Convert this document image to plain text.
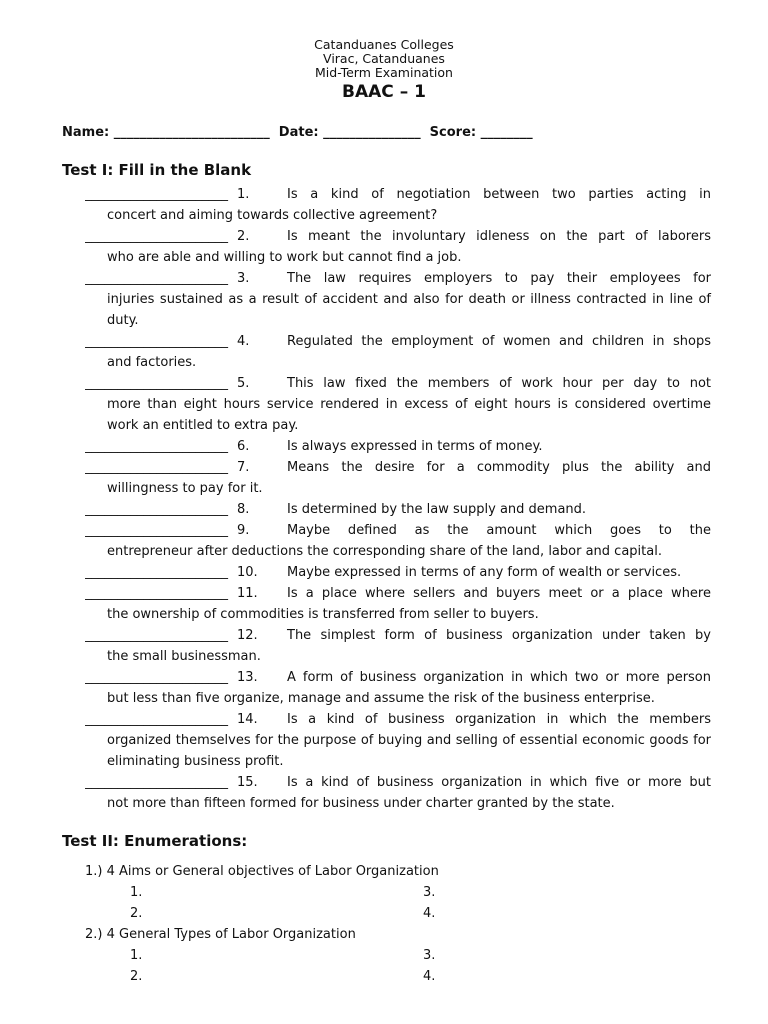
Catanduanes Colleges
Virac, Catanduanes
Mid-Term Examination
BAAC – 1
Name: ________________________  Date: _______________  Score: ________
Test I: Fill in the Blank
______________________ 1.	Is a kind of negotiation between two parties acting in
concert and aiming towards collective agreement?
______________________ 2.	Is meant the involuntary idleness on the part of laborers
who are able and willing to work but cannot find a job.
______________________ 3.	The law requires employers to pay their employees for
injuries sustained as a result of accident and also for death or illness contracted in line of duty.
______________________ 4.	Regulated the employment of women and children in shops
and factories.
______________________ 5.	This law fixed the members of work hour per day to not
more than eight hours service rendered in excess of eight hours is considered overtime work an entitled to extra pay.
______________________ 6.	Is always expressed in terms of money.
______________________ 7.	Means the desire for a commodity plus the ability and
willingness to pay for it.
______________________ 8.	Is determined by the law supply and demand.
______________________ 9.	Maybe defined as the amount which goes to the
entrepreneur after deductions the corresponding share of the land, labor and capital.
______________________ 10.	Maybe expressed in terms of any form of wealth or services.
______________________ 11.	Is a place where sellers and buyers meet or a place where
the ownership of commodities is transferred from seller to buyers.
______________________ 12.	The simplest form of business organization under taken by
the small businessman.
______________________ 13.	A form of business organization in which two or more person
but less than five organize, manage and assume the risk of the business enterprise.
______________________ 14.	Is a kind of business organization in which the members
organized themselves for the purpose of buying and selling of essential economic goods for eliminating business profit.
______________________ 15.	Is a kind of business organization in which five or more but
not more than fifteen formed for business under charter granted by the state.
Test II: Enumerations:
1.) 4 Aims or General objectives of Labor Organization
1.	3.
2.	4.
2.) 4 General Types of Labor Organization
1.	3.
2.	4.
